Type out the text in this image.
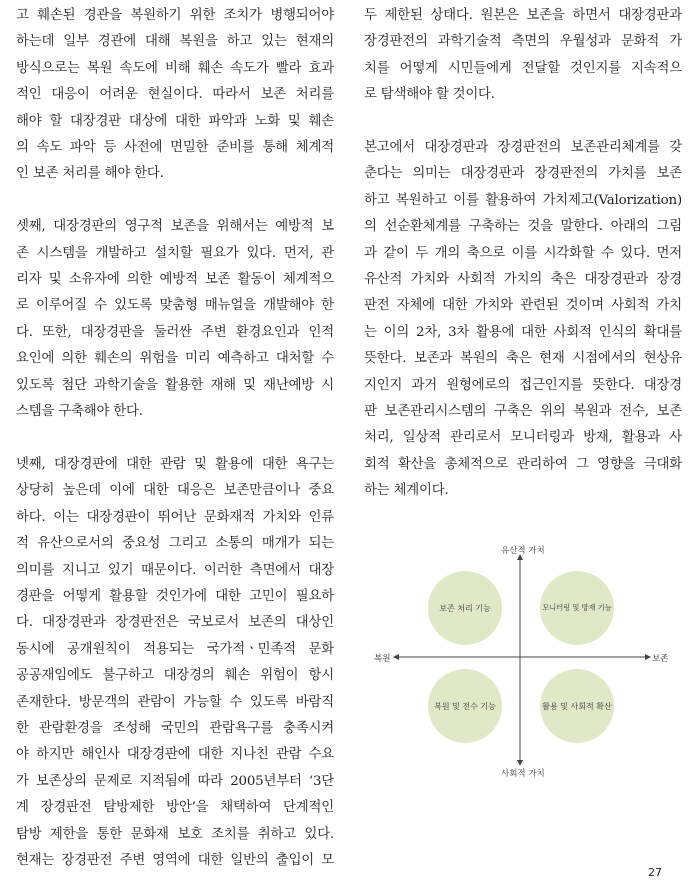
고 훼손된 경관을 복원하기 위한 조치가 병행되어야
하는데 일부 경관에 대해 복원을 하고 있는 현재의
방식으로는 복원 속도에 비해 훼손 속도가 빨라 효과
적인 대응이 어려운 현실이다. 따라서 보존 처리를
해야 할 대장경판 대상에 대한 파악과 노화 및 훼손
의 속도 파악 등 사전에 면밀한 준비를 통해 체계적
인 보존 처리를 해야 한다.
셋째, 대장경판의 영구적 보존을 위해서는 예방적 보
존 시스템을 개발하고 설치할 필요가 있다. 먼저, 관
리자 및 소유자에 의한 예방적 보존 활동이 체계적으
로 이루어질 수 있도록 맞춤형 매뉴얼을 개발해야 한
다. 또한, 대장경판을 둘러싼 주변 환경요인과 인적
요인에 의한 훼손의 위험을 미리 예측하고 대처할 수
있도록 첨단 과학기술을 활용한 재해 및 재난예방 시
스템을 구축해야 한다.
넷째, 대장경판에 대한 관람 및 활용에 대한 욕구는
상당히 높은데 이에 대한 대응은 보존만큼이나 중요
하다. 이는 대장경판이 뛰어난 문화재적 가치와 인류
적 유산으로서의 중요성 그리고 소통의 매개가 되는
의미를 지니고 있기 때문이다. 이러한 측면에서 대장
경판을 어떻게 활용할 것인가에 대한 고민이 필요하
다. 대장경판과 장경판전은 국보로서 보존의 대상인
동시에 공개원칙이 적용되는 국가적ㆍ민족적 문화
공공재임에도 불구하고 대장경의 훼손 위험이 항시
존재한다. 방문객의 관람이 가능할 수 있도록 바람직
한 관람환경을 조성해 국민의 관람욕구를 충족시켜
야 하지만 해인사 대장경판에 대한 지나친 관람 수요
가 보존상의 문제로 지적됨에 따라 2005년부터 ‘3단
계 장경판전 탐방제한 방안’을 채택하여 단계적인
탐방 제한을 통한 문화재 보호 조치를 취하고 있다.
현재는 장경판전 주변 영역에 대한 일반의 출입이 모
두 제한된 상태다. 원본은 보존을 하면서 대장경판과
장경판전의 과학기술적 측면의 우월성과 문화적 가
치를 어떻게 시민들에게 전달할 것인지를 지속적으
로 탐색해야 할 것이다.
본고에서 대장경판과 장경판전의 보존관리체계를 갖
춘다는 의미는 대장경판과 장경판전의 가치를 보존
하고 복원하고 이를 활용하여 가치제고(Valorization)
의 선순환체계를 구축하는 것을 말한다. 아래의 그림
과 같이 두 개의 축으로 이를 시각화할 수 있다. 먼저
유산적 가치와 사회적 가치의 축은 대장경판과 장경
판전 자체에 대한 가치와 관련된 것이며 사회적 가치
는 이의 2차, 3차 활용에 대한 사회적 인식의 확대를
뜻한다. 보존과 복원의 축은 현재 시점에서의 현상유
지인지 과거 원형에로의 접근인지를 뜻한다. 대장경
판 보존관리시스템의 구축은 위의 복원과 전수, 보존
처리, 일상적 관리로서 모니터링과 방재, 활용과 사
회적 확산을 총체적으로 관리하여 그 영향을 극대화
하는 체계이다.
유산적 가치
사회적 가치
복원	보존
보존 처리 기능	모니터링 및 방재 기능
복원 및 전수 기능	활용 및 사회적 확산
27
